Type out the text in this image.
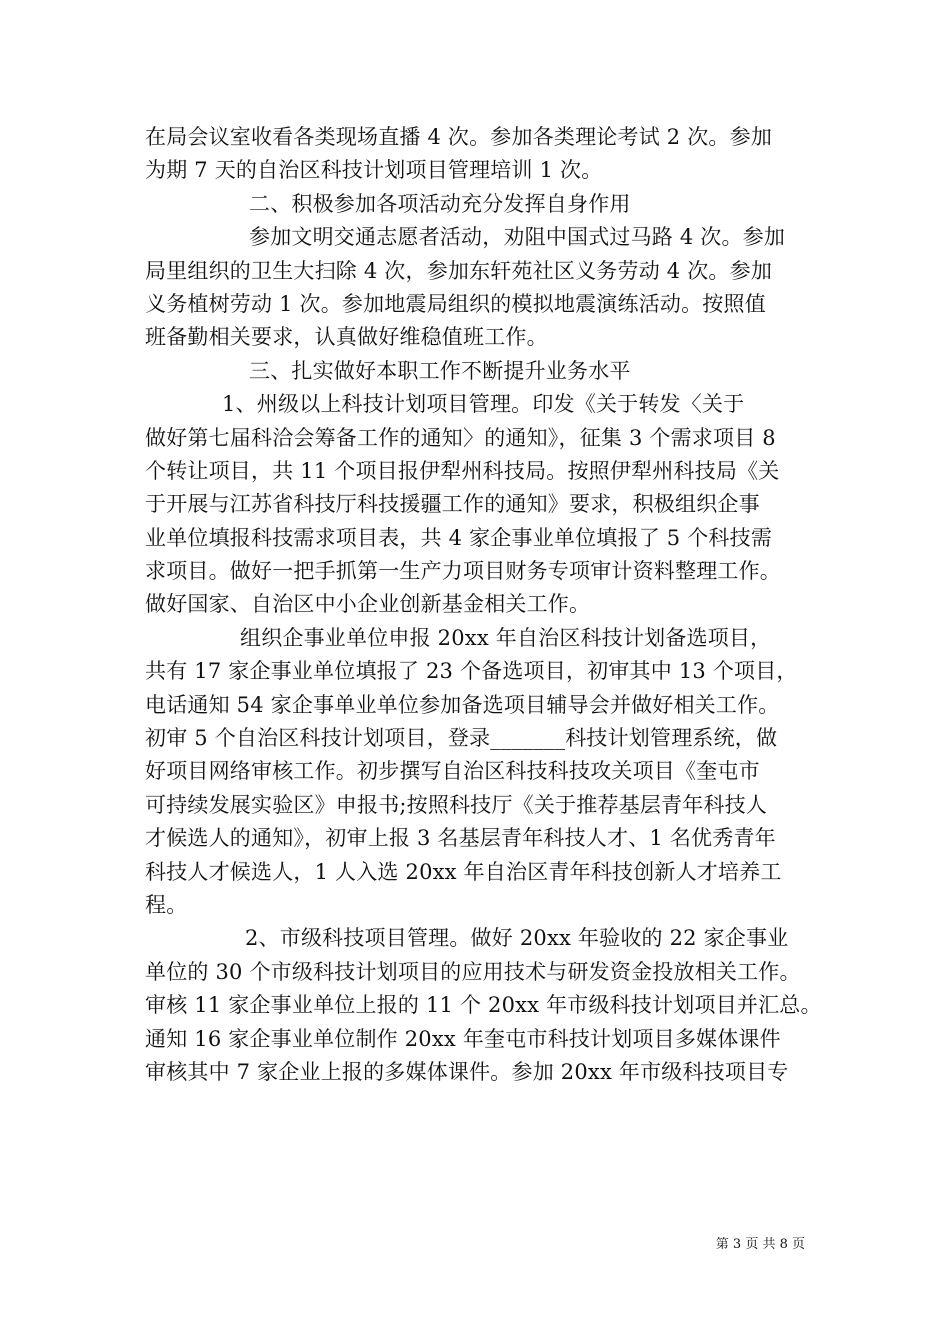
在局会议室收看各类现场直播 4 次。参加各类理论考试 2 次。参加
为期 7 天的自治区科技计划项目管理培训 1 次。
二、积极参加各项活动充分发挥自身作用
参加文明交通志愿者活动，劝阻中国式过马路 4 次。参加
局里组织的卫生大扫除 4 次，参加东轩苑社区义务劳动 4 次。参加
义务植树劳动 1 次。参加地震局组织的模拟地震演练活动。按照值
班备勤相关要求，认真做好维稳值班工作。
三、扎实做好本职工作不断提升业务水平
1、州级以上科技计划项目管理。印发《关于转发〈关于
做好第七届科洽会筹备工作的通知〉的通知》，征集 3 个需求项目 8
个转让项目，共 11 个项目报伊犁州科技局。按照伊犁州科技局《关
于开展与江苏省科技厅科技援疆工作的通知》要求，积极组织企事
业单位填报科技需求项目表，共 4 家企事业单位填报了 5 个科技需
求项目。做好一把手抓第一生产力项目财务专项审计资料整理工作。
做好国家、自治区中小企业创新基金相关工作。
组织企事业单位申报 20xx 年自治区科技计划备选项目，
共有 17 家企事业单位填报了 23 个备选项目，初审其中 13 个项目，
电话通知 54 家企事单业单位参加备选项目辅导会并做好相关工作。
初审 5 个自治区科技计划项目，登录_______科技计划管理系统，做
好项目网络审核工作。初步撰写自治区科技科技攻关项目《奎屯市
可持续发展实验区》申报书;按照科技厅《关于推荐基层青年科技人
才候选人的通知》，初审上报 3 名基层青年科技人才、1 名优秀青年
科技人才候选人，1 人入选 20xx 年自治区青年科技创新人才培养工
程。
2、市级科技项目管理。做好 20xx 年验收的 22 家企事业
单位的 30 个市级科技计划项目的应用技术与研发资金投放相关工作。
审核 11 家企事业单位上报的 11 个 20xx 年市级科技计划项目并汇总。
通知 16 家企事业单位制作 20xx 年奎屯市科技计划项目多媒体课件
审核其中 7 家企业上报的多媒体课件。参加 20xx 年市级科技项目专
第 3 页 共 8 页
